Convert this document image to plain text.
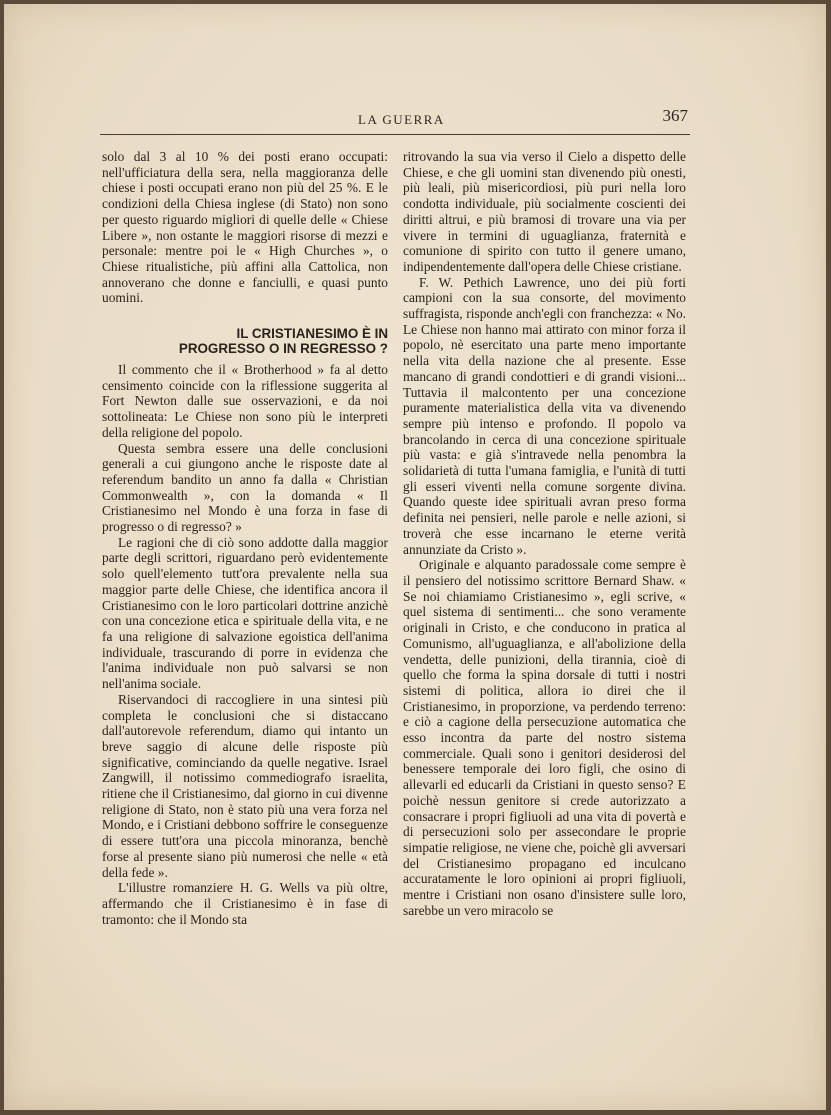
LA GUERRA	367

solo dal 3 al 10 % dei posti erano occupati: nell'ufficiatura della sera, nella maggioranza delle chiese i posti occupati erano non più del 25 %. E le condizioni della Chiesa inglese (di Stato) non sono per questo riguardo migliori di quelle delle « Chiese Libere », non ostante le maggiori risorse di mezzi e personale: mentre poi le « High Churches », o Chiese ritualistiche, più affini alla Cattolica, non annoverano che donne e fanciulli, e quasi punto uomini.

IL CRISTIANESIMO È IN PROGRESSO O IN REGRESSO ?

Il commento che il « Brotherhood » fa al detto censimento coincide con la riflessione suggerita al Fort Newton dalle sue osservazioni, e da noi sottolineata: Le Chiese non sono più le interpreti della religione del popolo.

Questa sembra essere una delle conclusioni generali a cui giungono anche le risposte date al referendum bandito un anno fa dalla « Christian Commonwealth », con la domanda « Il Cristianesimo nel Mondo è una forza in fase di progresso o di regresso? »

Le ragioni che di ciò sono addotte dalla maggior parte degli scrittori, riguardano però evidentemente solo quell'elemento tutt'ora prevalente nella sua maggior parte delle Chiese, che identifica ancora il Cristianesimo con le loro particolari dottrine anzichè con una concezione etica e spirituale della vita, e ne fa una religione di salvazione egoistica dell'anima individuale, trascurando di porre in evidenza che l'anima individuale non può salvarsi se non nell'anima sociale.

Riservandoci di raccogliere in una sintesi più completa le conclusioni che si distaccano dall'autorevole referendum, diamo qui intanto un breve saggio di alcune delle risposte più significative, cominciando da quelle negative. Israel Zangwill, il notissimo commediografo israelita, ritiene che il Cristianesimo, dal giorno in cui divenne religione di Stato, non è stato più una vera forza nel Mondo, e i Cristiani debbono soffrire le conseguenze di essere tutt'ora una piccola minoranza, benchè forse al presente siano più numerosi che nelle « età della fede ».

L'illustre romanziere H. G. Wells va più oltre, affermando che il Cristianesimo è in fase di tramonto: che il Mondo sta

ritrovando la sua via verso il Cielo a dispetto delle Chiese, e che gli uomini stan divenendo più onesti, più leali, più misericordiosi, più puri nella loro condotta individuale, più socialmente coscienti dei diritti altrui, e più bramosi di trovare una via per vivere in termini di uguaglianza, fraternità e comunione di spirito con tutto il genere umano, indipendentemente dall'opera delle Chiese cristiane.

F. W. Pethich Lawrence, uno dei più forti campioni con la sua consorte, del movimento suffragista, risponde anch'egli con franchezza: « No. Le Chiese non hanno mai attirato con minor forza il popolo, nè esercitato una parte meno importante nella vita della nazione che al presente. Esse mancano di grandi condottieri e di grandi visioni... Tuttavia il malcontento per una concezione puramente materialistica della vita va divenendo sempre più intenso e profondo. Il popolo va brancolando in cerca di una concezione spirituale più vasta: e già s'intravede nella penombra la solidarietà di tutta l'umana famiglia, e l'unità di tutti gli esseri viventi nella comune sorgente divina. Quando queste idee spirituali avran preso forma definita nei pensieri, nelle parole e nelle azioni, si troverà che esse incarnano le eterne verità annunziate da Cristo ».

Originale e alquanto paradossale come sempre è il pensiero del notissimo scrittore Bernard Shaw. « Se noi chiamiamo Cristianesimo », egli scrive, « quel sistema di sentimenti... che sono veramente originali in Cristo, e che conducono in pratica al Comunismo, all'uguaglianza, e all'abolizione della vendetta, delle punizioni, della tirannia, cioè di quello che forma la spina dorsale di tutti i nostri sistemi di politica, allora io direi che il Cristianesimo, in proporzione, va perdendo terreno: e ciò a cagione della persecuzione automatica che esso incontra da parte del nostro sistema commerciale. Quali sono i genitori desiderosi del benessere temporale dei loro figli, che osino di allevarli ed educarli da Cristiani in questo senso? E poichè nessun genitore si crede autorizzato a consacrare i propri figliuoli ad una vita di povertà e di persecuzioni solo per assecondare le proprie simpatie religiose, ne viene che, poichè gli avversari del Cristianesimo propagano ed inculcano accuratamente le loro opinioni ai propri figliuoli, mentre i Cristiani non osano d'insistere sulle loro, sarebbe un vero miracolo se
